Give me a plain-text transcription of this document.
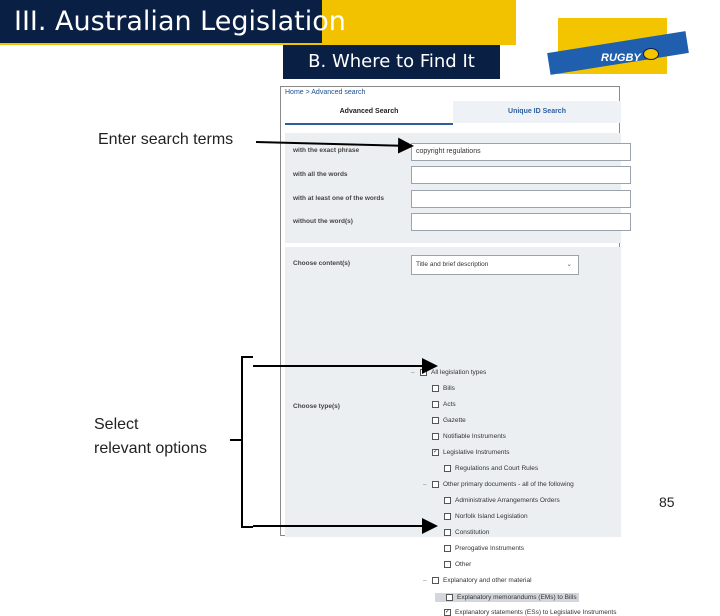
III. Australian Legislation
B. Where to Find It	RUGBY
Home > Advanced search
Advanced Search	Unique ID Search
with the exact phrase	copyright regulations
with all the words
with at least one of the words
without the word(s)
Choose content(s)	Title and brief description	⌄
Choose type(s)
–	All legislation types
Bills
Acts
Gazette
Notifiable Instruments
✓ Legislative Instruments
Regulations and Court Rules
–	Other primary documents - all of the following
Administrative Arrangements Orders
Norfolk Island Legislation
Constitution
Prerogative Instruments
Other
–	Explanatory and other material
Explanatory memorandums (EMs) to Bills
✓ Explanatory statements (ESs) to Legislative Instruments
Enter search terms
Select
relevant options
85
